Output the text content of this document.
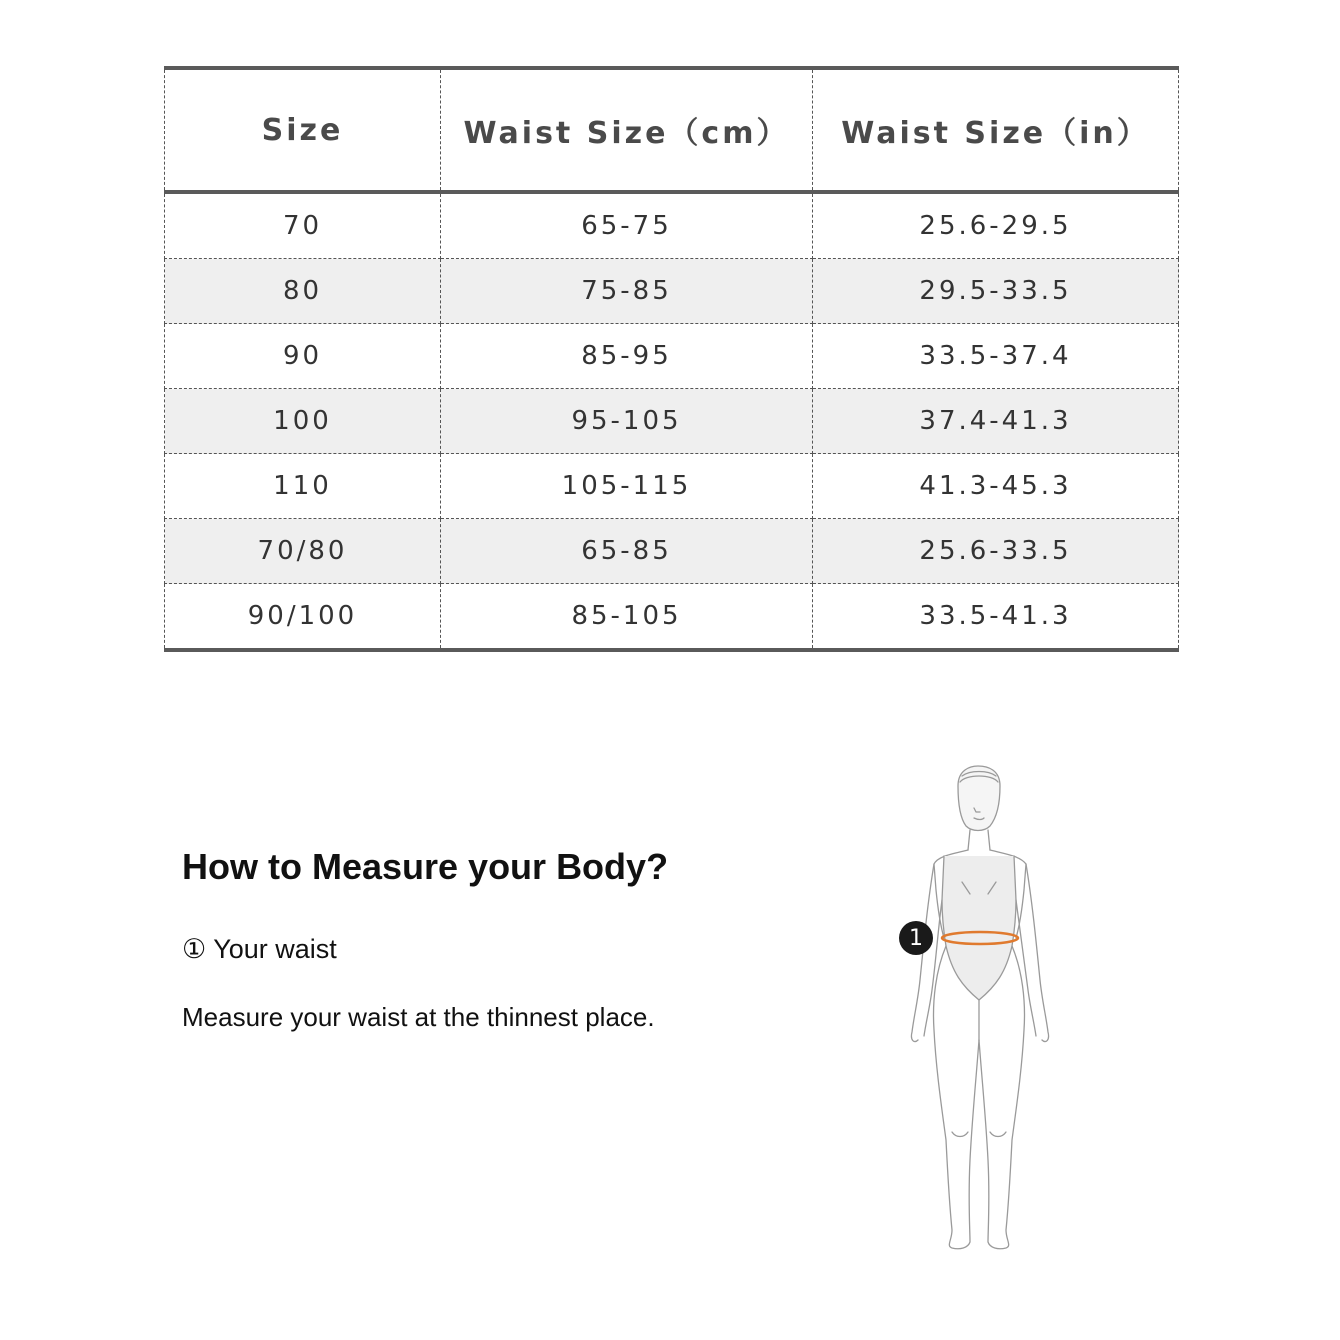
Size	Waist Size（cm）	Waist Size（in）
70	65-75	25.6-29.5
80	75-85	29.5-33.5
90	85-95	33.5-37.4
100	95-105	37.4-41.3
110	105-115	41.3-45.3
70/80	65-85	25.6-33.5
90/100	85-105	33.5-41.3
How to Measure your Body?
① Your waist
Measure your waist at the thinnest place.
1
